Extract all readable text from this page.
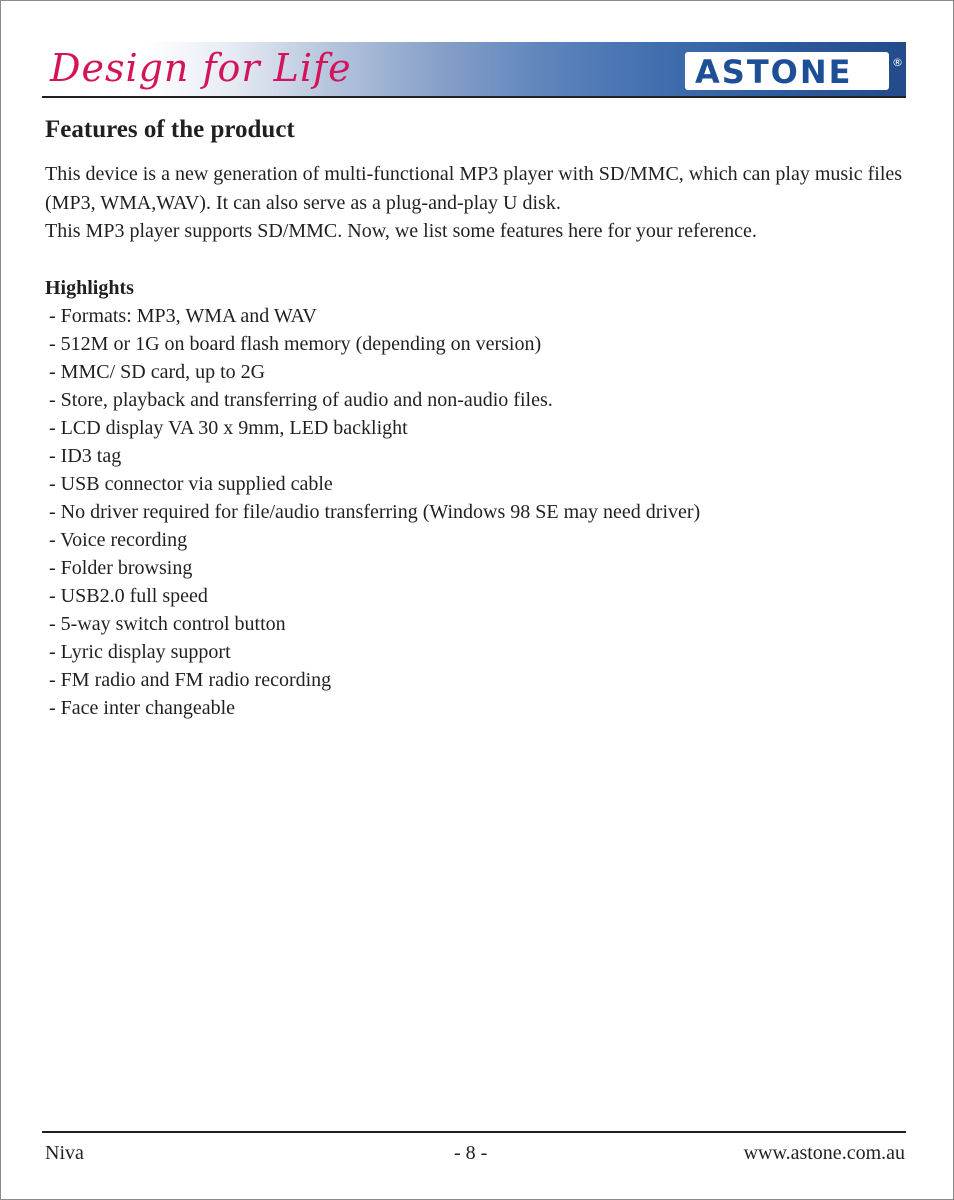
Design for Life	ASTONE	®
Features of the product

This device is a new generation of multi-functional MP3 player with SD/MMC, which can play music files (MP3, WMA,WAV). It can also serve as a plug-and-play U disk.

This MP3 player supports SD/MMC. Now, we list some features here for your reference.

Highlights
- Formats: MP3, WMA and WAV
- 512M or 1G on board flash memory (depending on version)
- MMC/ SD card, up to 2G
- Store, playback and transferring of audio and non-audio files.
- LCD display VA 30 x 9mm, LED backlight
- ID3 tag
- USB connector via supplied cable
- No driver required for file/audio transferring (Windows 98 SE may need driver)
- Voice recording
- Folder browsing
- USB2.0 full speed
- 5-way switch control button
- Lyric display support
- FM radio and FM radio recording
- Face inter changeable
Niva	- 8 -	www.astone.com.au
